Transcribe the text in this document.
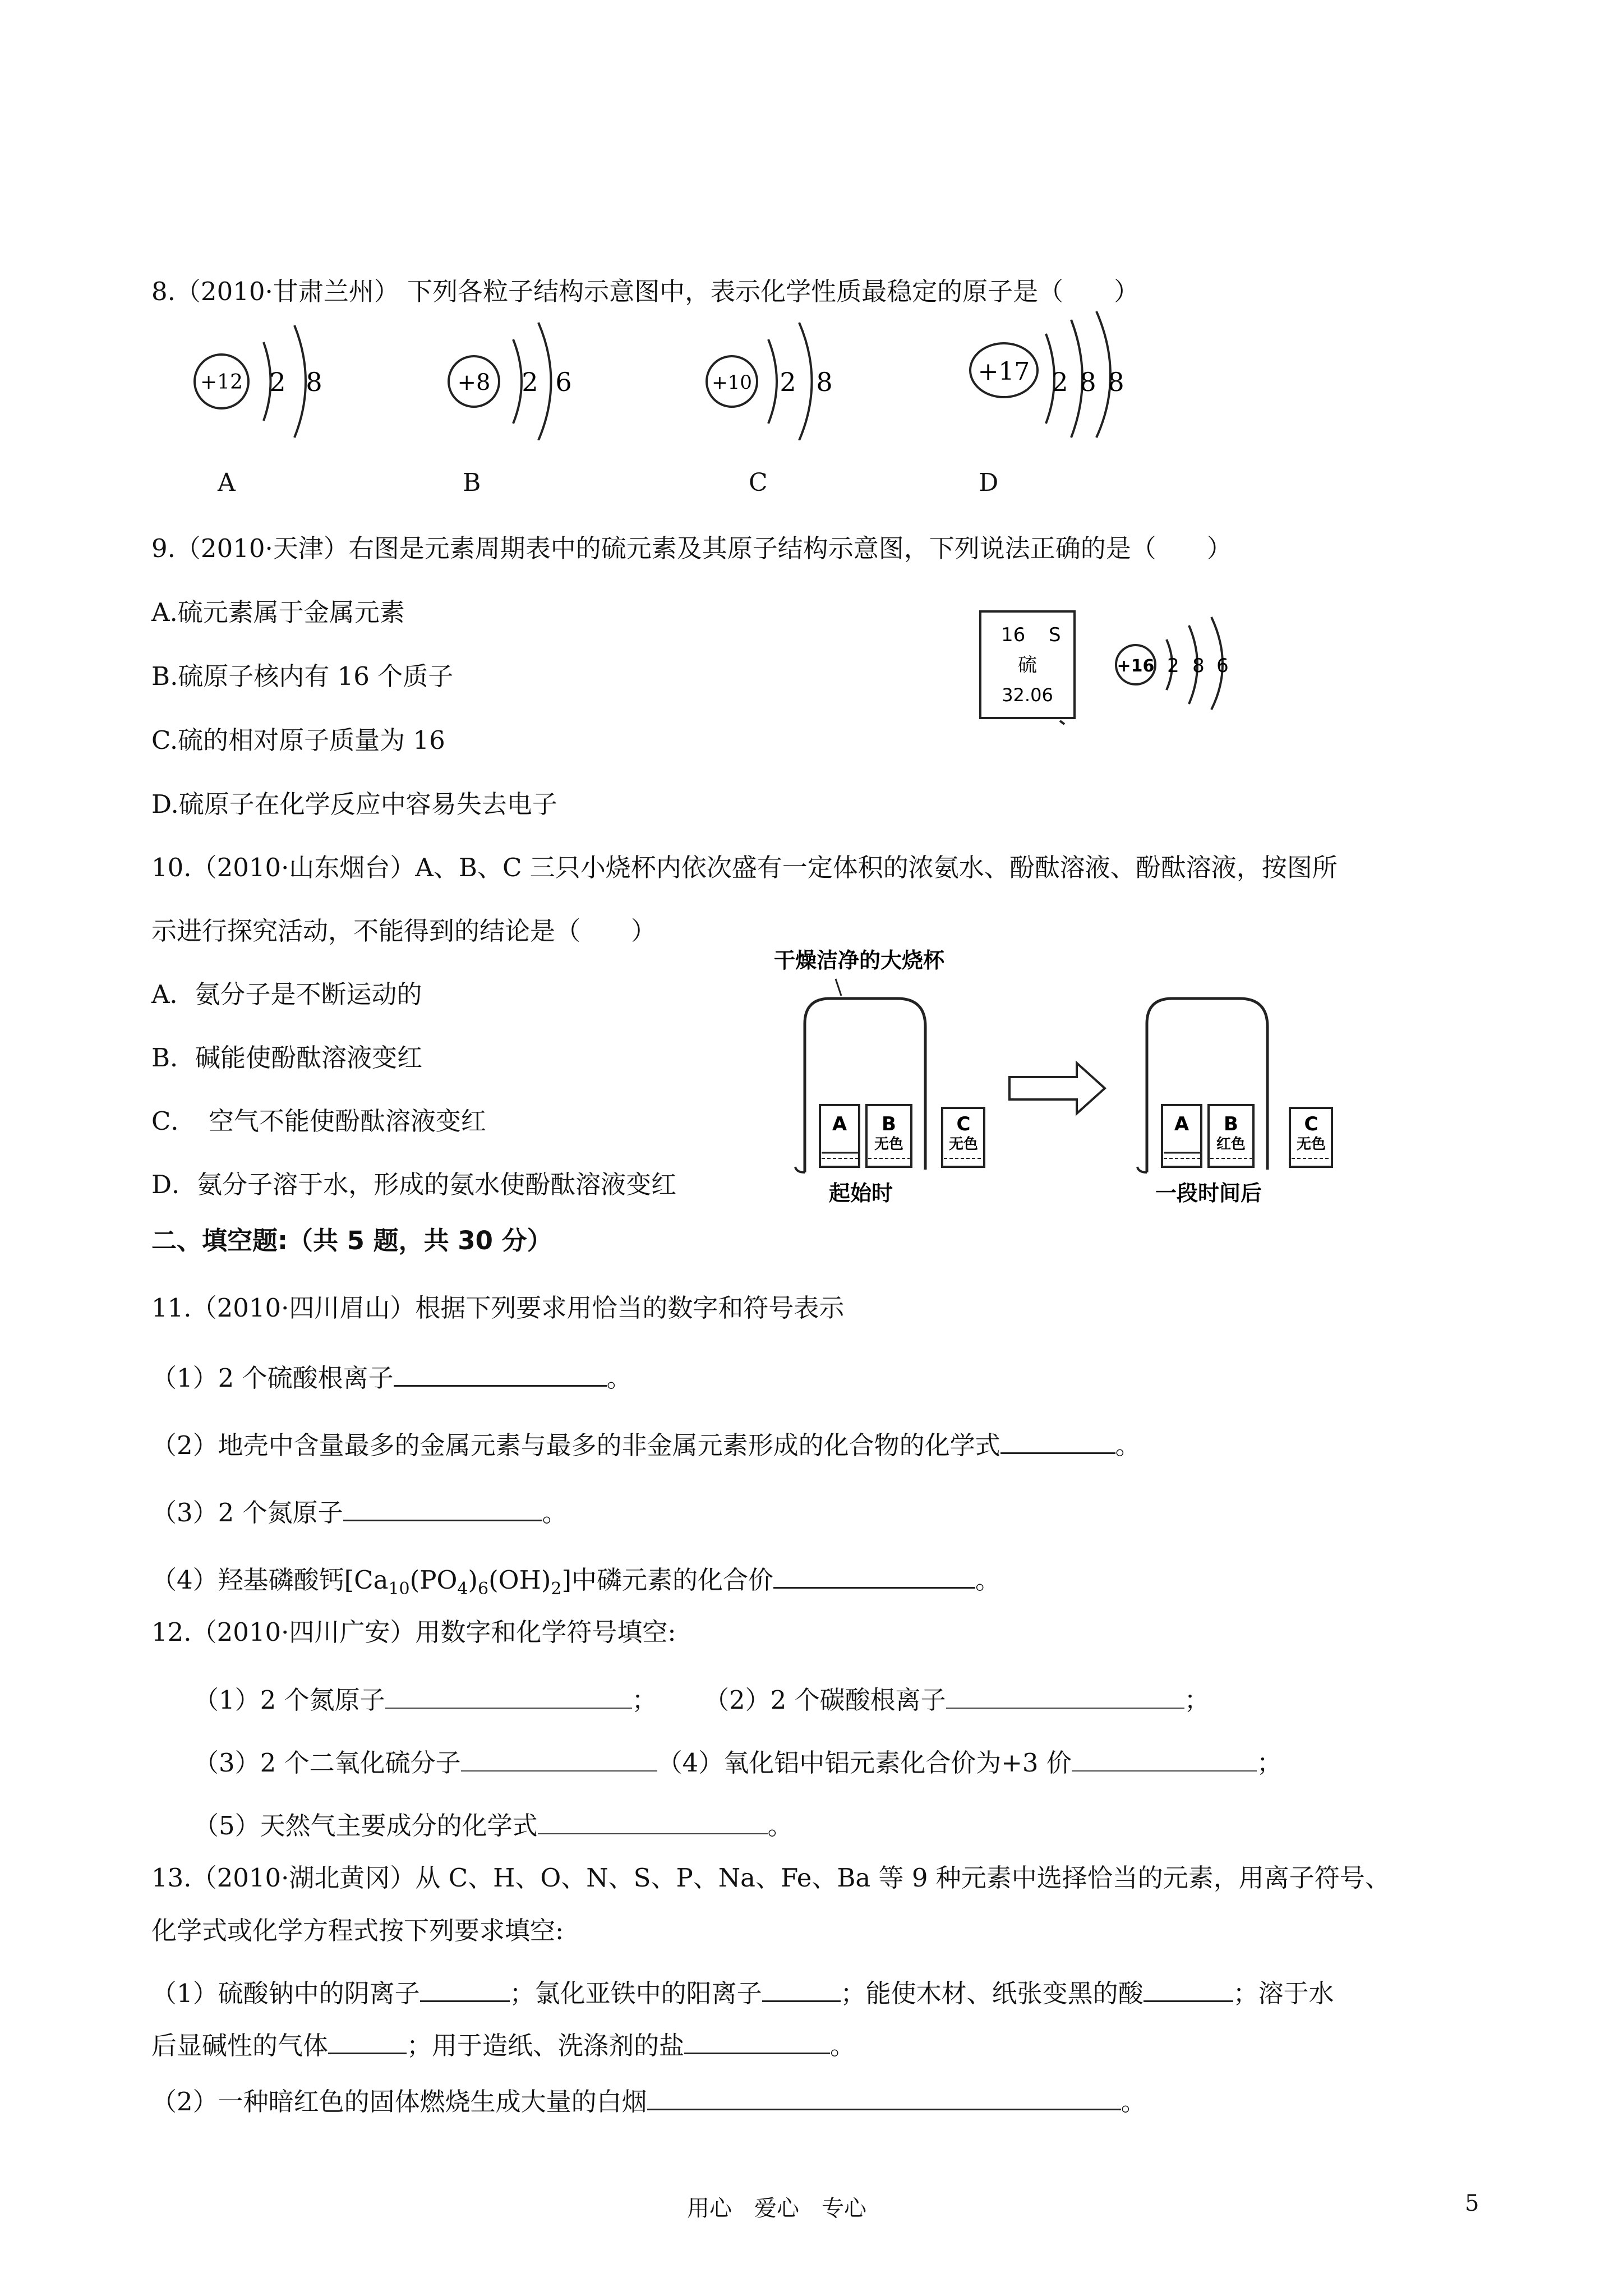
8.（2010·甘肃兰州） 下列各粒子结构示意图中，表示化学性质最稳定的原子是（　　）
+12 2 8	+8 2 6	+10 2 8	+17 2 8 8
A	B	C	D
9.（2010·天津）右图是元素周期表中的硫元素及其原子结构示意图，下列说法正确的是（　　）
A.硫元素属于金属元素
B.硫原子核内有 16 个质子
C.硫的相对原子质量为 16
D.硫原子在化学反应中容易失去电子
16 S
硫
32.06
+16 2 8 6
10.（2010·山东烟台）A、B、C 三只小烧杯内依次盛有一定体积的浓氨水、酚酞溶液、酚酞溶液，按图所
示进行探究活动，不能得到的结论是（　　）
A．氨分子是不断运动的
B．碱能使酚酞溶液变红
C．　空气不能使酚酞溶液变红
D．氨分子溶于水，形成的氨水使酚酞溶液变红
干燥洁净的大烧杯
A B
无色
C
无色
起始时
A B
红色
C
无色
一段时间后
二、填空题:（共 5 题，共 30 分）
11.（2010·四川眉山）根据下列要求用恰当的数字和符号表示
（1）2 个硫酸根离子	。
（2）地壳中含量最多的金属元素与最多的非金属元素形成的化合物的化学式	。
（3）2 个氮原子	。
（4）羟基磷酸钙$[Ca_{10}(PO_4)_6(OH)_2]$中磷元素的化合价	。
12.（2010·四川广安）用数字和化学符号填空:
（1）2 个氮原子	； （2）2 个碳酸根离子	；
（3）2 个二氧化硫分子	（4）氧化铝中铝元素化合价为+3 价	；
（5）天然气主要成分的化学式	。
13.（2010·湖北黄冈）从 C、H、O、N、S、P、Na、Fe、Ba 等 9 种元素中选择恰当的元素，用离子符号、
化学式或化学方程式按下列要求填空:
（1）硫酸钠中的阴离子	；氯化亚铁中的阳离子	；能使木材、纸张变黑的酸	；溶于水
后显碱性的气体	；用于造纸、洗涤剂的盐	。
（2）一种暗红色的固体燃烧生成大量的白烟	。
用心　爱心　专心	5
